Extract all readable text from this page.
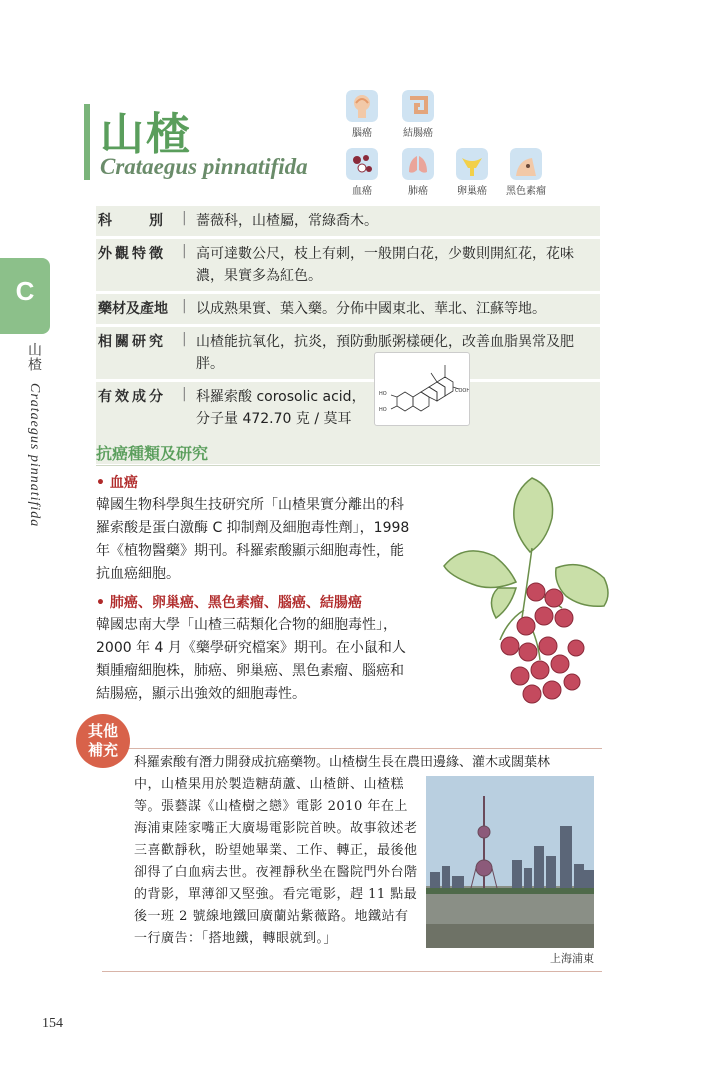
C
山楂 Crataegus pinnatifida
山楂
Crataegus pinnatifida
腦癌	結腸癌
血癌	肺癌	卵巢癌	黑色素瘤
科　　別	| 薔薇科，山楂屬，常綠喬木。
外觀特徵	| 高可達數公尺，枝上有刺，一般開白花，少數則開紅花，花味濃，果實多為紅色。
藥材及產地	| 以成熟果實、葉入藥。分佈中國東北、華北、江蘇等地。
相關研究	| 山楂能抗氧化，抗炎，預防動脈粥樣硬化，改善血脂異常及肥胖。
有效成分	| 科羅索酸 corosolic acid，
分子量 472.70 克 / 莫耳
COOH
HO
HO
抗癌種類及研究
• 血癌
韓國生物科學與生技研究所「山楂果實分離出的科羅索酸是蛋白激酶 C 抑制劑及細胞毒性劑」，1998 年《植物醫藥》期刊。科羅索酸顯示細胞毒性，能抗血癌細胞。
• 肺癌、卵巢癌、黑色素瘤、腦癌、結腸癌
韓國忠南大學「山楂三萜類化合物的細胞毒性」，2000 年 4 月《藥學研究檔案》期刊。在小鼠和人類腫瘤細胞株，肺癌、卵巢癌、黑色素瘤、腦癌和結腸癌，顯示出強效的細胞毒性。
其他
補充
科羅索酸有潛力開發成抗癌藥物。山楂樹生長在農田邊緣、灌木或闊葉林
中，山楂果用於製造糖葫蘆、山楂餅、山楂糕等。張藝謀《山楂樹之戀》電影 2010 年在上海浦東陸家嘴正大廣場電影院首映。故事敘述老三喜歡靜秋，盼望她畢業、工作、轉正，最後他卻得了白血病去世。夜裡靜秋坐在醫院門外台階的背影，單薄卻又堅強。看完電影，趕 11 點最後一班 2 號線地鐵回廣蘭站紫薇路。地鐵站有一行廣告：「搭地鐵，轉眼就到。」
上海浦東
154
